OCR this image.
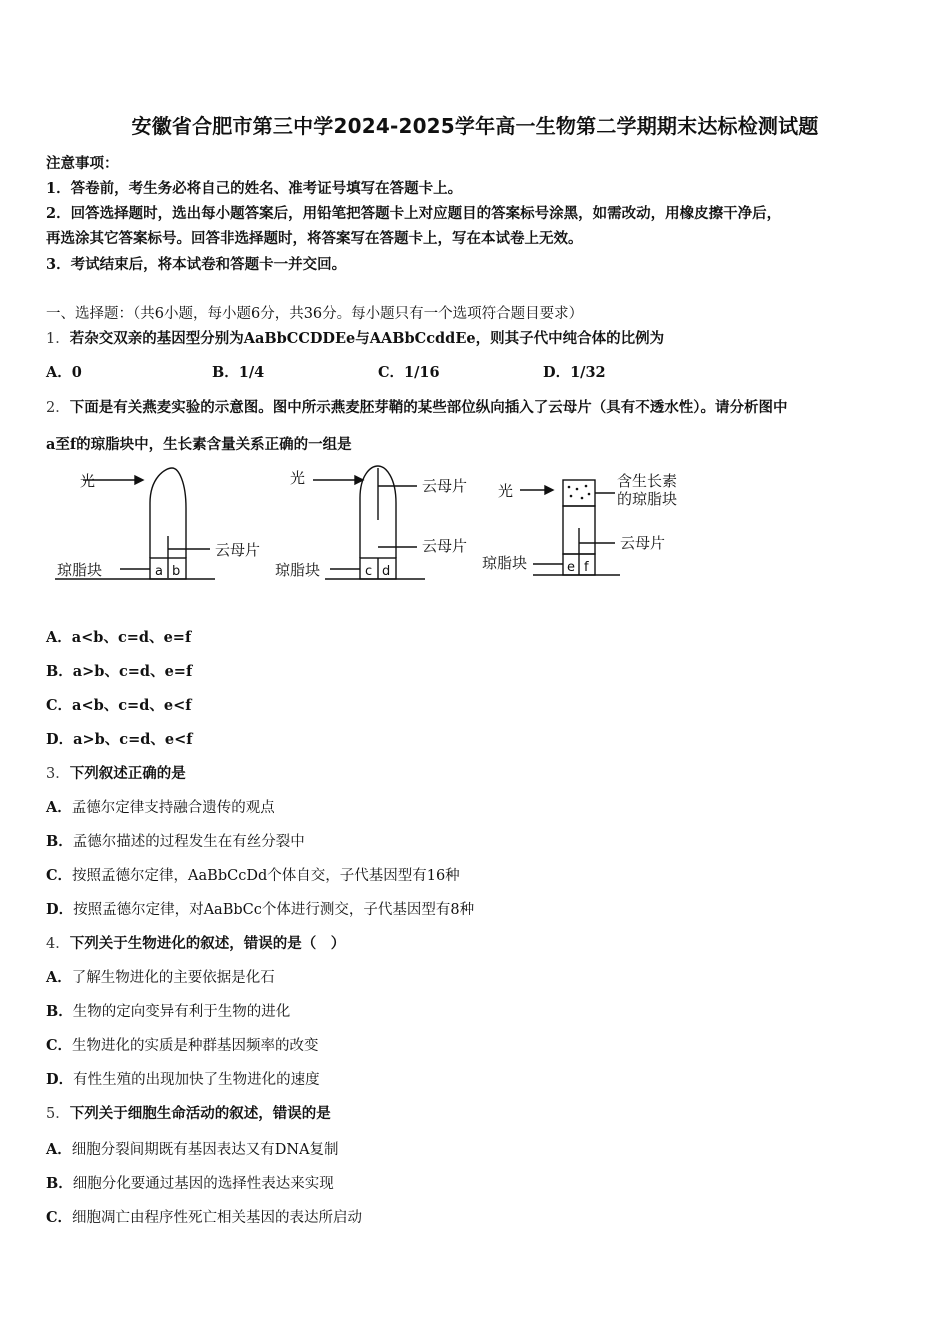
安徽省合肥市第三中学2024-2025学年高一生物第二学期期末达标检测试题
注意事项：
1．答卷前，考生务必将自己的姓名、准考证号填写在答题卡上。
2．回答选择题时，选出每小题答案后，用铅笔把答题卡上对应题目的答案标号涂黑，如需改动，用橡皮擦干净后，
再选涂其它答案标号。回答非选择题时，将答案写在答题卡上，写在本试卷上无效。
3．考试结束后，将本试卷和答题卡一并交回。
一、选择题：（共6小题，每小题6分，共36分。每小题只有一个选项符合题目要求）
1．若杂交双亲的基因型分别为AaBbCCDDEe与AABbCcddEe，则其子代中纯合体的比例为
A．0	B．1/4	C．1/16	D．1/32
2．下面是有关燕麦实验的示意图。图中所示燕麦胚芽鞘的某些部位纵向插入了云母片（具有不透水性）。请分析图中
a至f的琼脂块中，生长素含量关系正确的一组是
光
云母片
琼脂块
光	云母片
云母片
琼脂块
光
含生长素
的琼脂块
云母片
琼脂块
a b	c d	e f
A．a<b、c=d、e=f
B．a>b、c=d、e=f
C．a<b、c=d、e<f
D．a>b、c=d、e<f
3．下列叙述正确的是
A．孟德尔定律支持融合遗传的观点
B．孟德尔描述的过程发生在有丝分裂中
C．按照孟德尔定律，AaBbCcDd个体自交，子代基因型有16种
D．按照孟德尔定律，对AaBbCc个体进行测交，子代基因型有8种
4．下列关于生物进化的叙述，错误的是（　）
A．了解生物进化的主要依据是化石
B．生物的定向变异有利于生物的进化
C．生物进化的实质是种群基因频率的改变
D．有性生殖的出现加快了生物进化的速度
5．下列关于细胞生命活动的叙述，错误的是
A．细胞分裂间期既有基因表达又有DNA复制
B．细胞分化要通过基因的选择性表达来实现
C．细胞凋亡由程序性死亡相关基因的表达所启动
